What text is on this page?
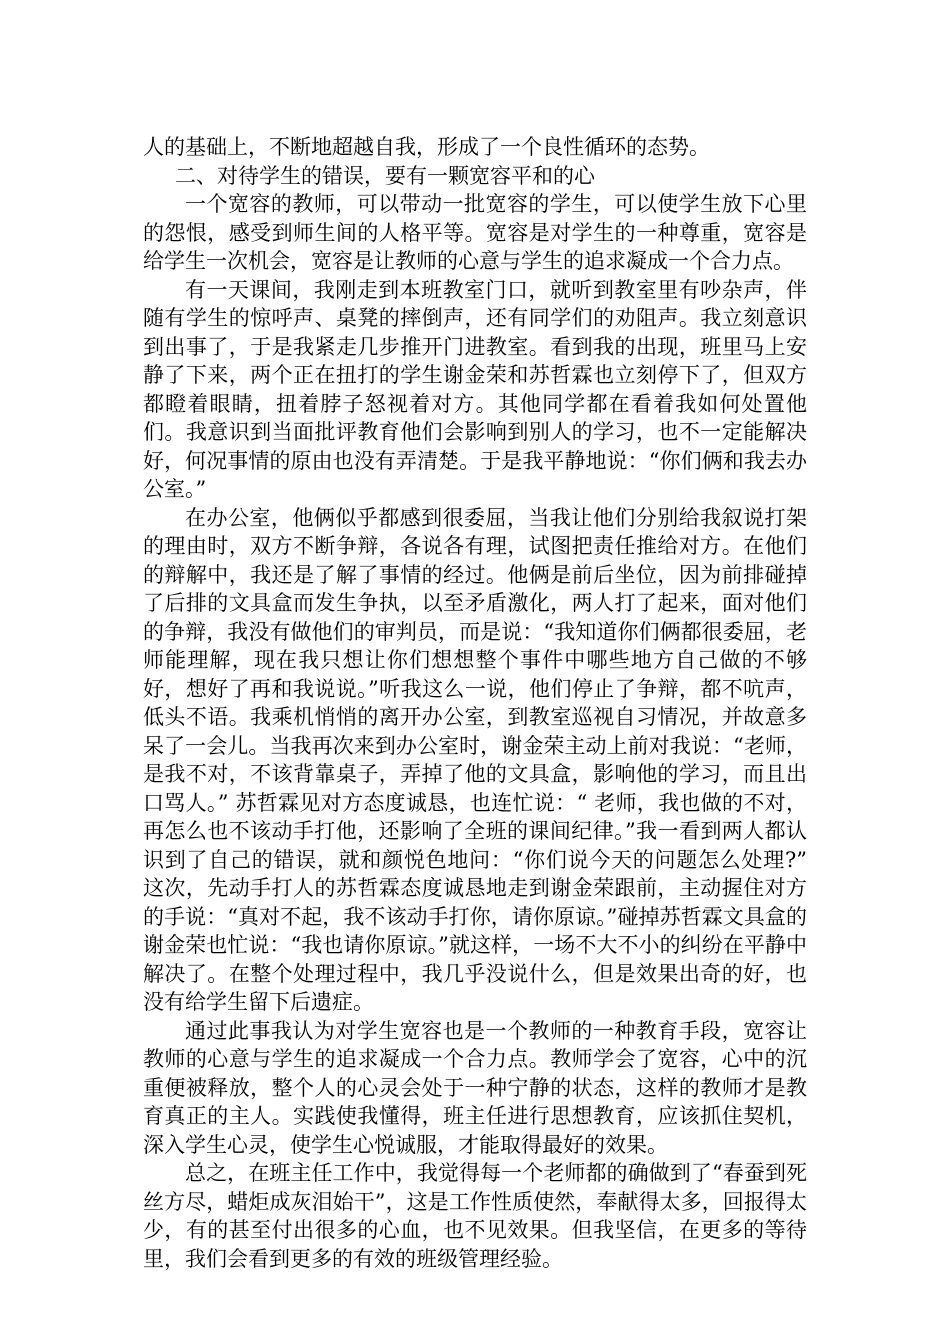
人的基础上，不断地超越自我，形成了一个良性循环的态势。

二、对待学生的错误，要有一颗宽容平和的心

一个宽容的教师，可以带动一批宽容的学生，可以使学生放下心里的怨恨，感受到师生间的人格平等。宽容是对学生的一种尊重，宽容是给学生一次机会，宽容是让教师的心意与学生的追求凝成一个合力点。

有一天课间，我刚走到本班教室门口，就听到教室里有吵杂声，伴随有学生的惊呼声、桌凳的摔倒声，还有同学们的劝阻声。我立刻意识到出事了，于是我紧走几步推开门进教室。看到我的出现，班里马上安静了下来，两个正在扭打的学生谢金荣和苏哲霖也立刻停下了，但双方都瞪着眼睛，扭着脖子怒视着对方。其他同学都在看着我如何处置他们。我意识到当面批评教育他们会影响到别人的学习，也不一定能解决好，何况事情的原由也没有弄清楚。于是我平静地说：“你们俩和我去办公室。”

在办公室，他俩似乎都感到很委屈，当我让他们分别给我叙说打架的理由时，双方不断争辩，各说各有理，试图把责任推给对方。在他们的辩解中，我还是了解了事情的经过。他俩是前后坐位，因为前排碰掉了后排的文具盒而发生争执，以至矛盾激化，两人打了起来，面对他们的争辩，我没有做他们的审判员，而是说：“我知道你们俩都很委屈，老师能理解，现在我只想让你们想想整个事件中哪些地方自己做的不够好，想好了再和我说说。”听我这么一说，他们停止了争辩，都不吭声，低头不语。我乘机悄悄的离开办公室，到教室巡视自习情况，并故意多呆了一会儿。当我再次来到办公室时，谢金荣主动上前对我说：“老师，是我不对，不该背靠桌子，弄掉了他的文具盒，影响他的学习，而且出口骂人。” 苏哲霖见对方态度诚恳，也连忙说：“ 老师，我也做的不对，再怎么也不该动手打他，还影响了全班的课间纪律。”我一看到两人都认识到了自己的错误，就和颜悦色地问：“你们说今天的问题怎么处理?” 这次，先动手打人的苏哲霖态度诚恳地走到谢金荣跟前，主动握住对方的手说：“真对不起，我不该动手打你，请你原谅。”碰掉苏哲霖文具盒的谢金荣也忙说：“我也请你原谅。”就这样，一场不大不小的纠纷在平静中解决了。在整个处理过程中，我几乎没说什么，但是效果出奇的好，也没有给学生留下后遗症。

通过此事我认为对学生宽容也是一个教师的一种教育手段，宽容让教师的心意与学生的追求凝成一个合力点。教师学会了宽容，心中的沉重便被释放，整个人的心灵会处于一种宁静的状态，这样的教师才是教育真正的主人。实践使我懂得，班主任进行思想教育，应该抓住契机，深入学生心灵，使学生心悦诚服，才能取得最好的效果。

总之，在班主任工作中，我觉得每一个老师都的确做到了“春蚕到死丝方尽，蜡炬成灰泪始干”，这是工作性质使然，奉献得太多，回报得太少，有的甚至付出很多的心血，也不见效果。但我坚信，在更多的等待里，我们会看到更多的有效的班级管理经验。
